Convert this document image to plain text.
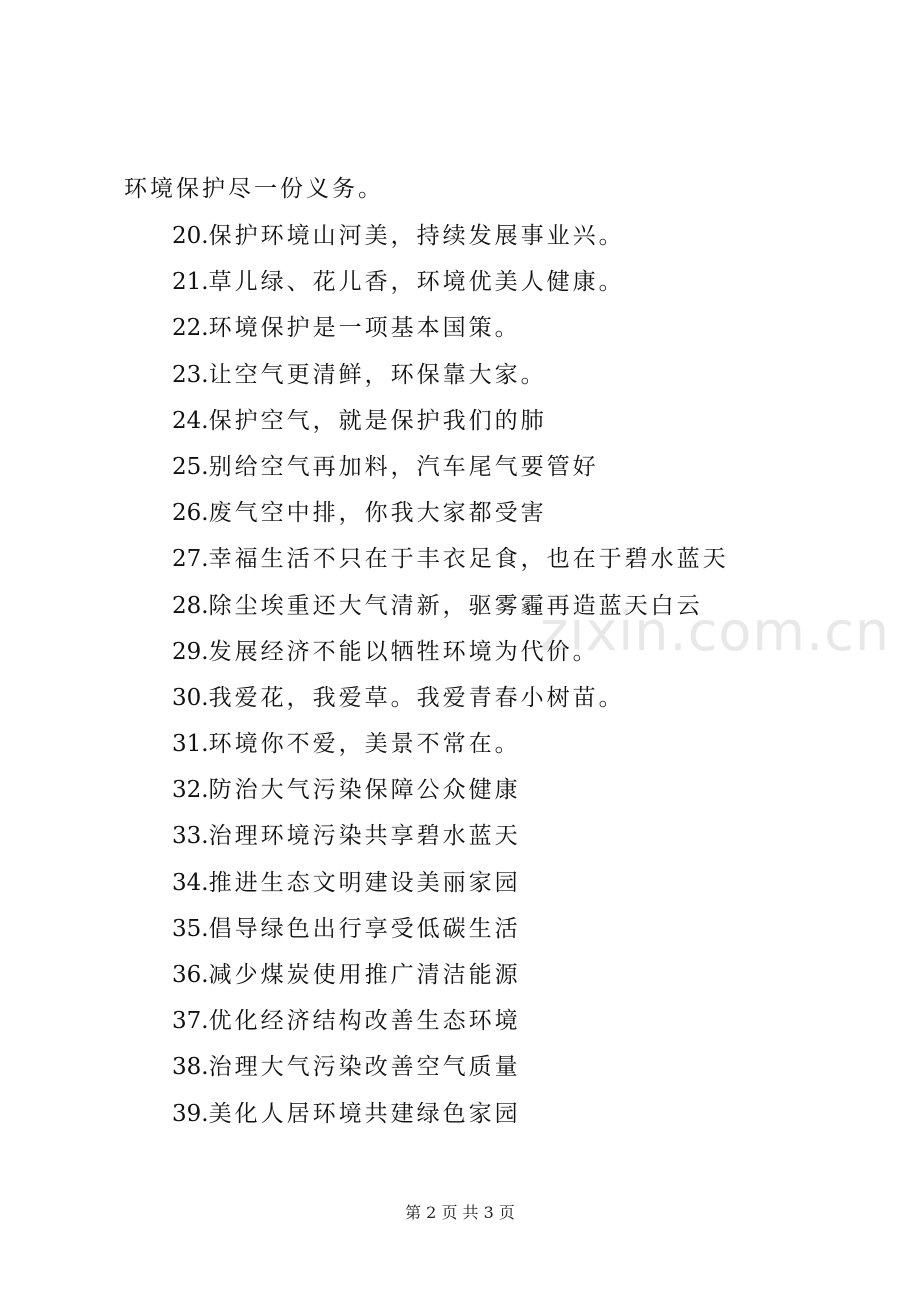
环境保护尽一份义务。
20.保护环境山河美，持续发展事业兴。
21.草儿绿、花儿香，环境优美人健康。
22.环境保护是一项基本国策。
23.让空气更清鲜，环保靠大家。
24.保护空气，就是保护我们的肺
25.别给空气再加料，汽车尾气要管好
26.废气空中排，你我大家都受害
27.幸福生活不只在于丰衣足食，也在于碧水蓝天
28.除尘埃重还大气清新，驱雾霾再造蓝天白云
29.发展经济不能以牺牲环境为代价。
30.我爱花，我爱草。我爱青春小树苗。
31.环境你不爱，美景不常在。
32.防治大气污染保障公众健康
33.治理环境污染共享碧水蓝天
34.推进生态文明建设美丽家园
35.倡导绿色出行享受低碳生活
36.减少煤炭使用推广清洁能源
37.优化经济结构改善生态环境
38.治理大气污染改善空气质量
39.美化人居环境共建绿色家园
zixin.com.cn
第 2 页 共 3 页
